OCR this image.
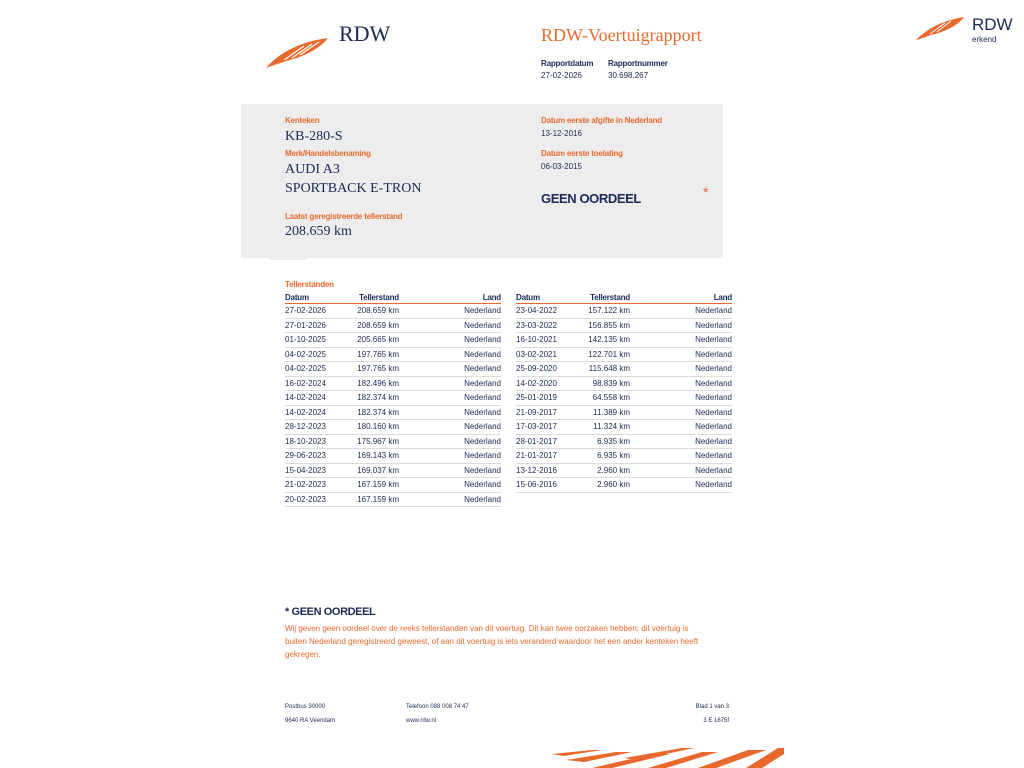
RDW	RDW-Voertuigrapport
Rapportdatum
27-02-2026
Rapportnummer
30.698.267
RDW
erkend
Kenteken
KB-280-S
Merk/Handelsbenaming
AUDI A3
SPORTBACK E-TRON
Laatst geregistreerde tellerstand
208.659 km
Datum eerste afgifte in Nederland
13-12-2016
Datum eerste toelating
06-03-2015
GEEN OORDEEL	*
Tellerstanden
Datum	Tellerstand	Land
27-02-2026	208.659 km	Nederland
27-01-2026	208.659 km	Nederland
01-10-2025	205.665 km	Nederland
04-02-2025	197.765 km	Nederland
04-02-2025	197.765 km	Nederland
16-02-2024	182.496 km	Nederland
14-02-2024	182.374 km	Nederland
14-02-2024	182.374 km	Nederland
28-12-2023	180.160 km	Nederland
18-10-2023	175.967 km	Nederland
29-06-2023	169.143 km	Nederland
15-04-2023	169.037 km	Nederland
21-02-2023	167.159 km	Nederland
20-02-2023	167.159 km	Nederland
Datum	Tellerstand	Land
23-04-2022	157.122 km	Nederland
23-03-2022	156.855 km	Nederland
16-10-2021	142.135 km	Nederland
03-02-2021	122.701 km	Nederland
25-09-2020	115.648 km	Nederland
14-02-2020	98.839 km	Nederland
25-01-2019	64.558 km	Nederland
21-09-2017	11.389 km	Nederland
17-03-2017	11.324 km	Nederland
28-01-2017	6.935 km	Nederland
21-01-2017	6.935 km	Nederland
13-12-2016	2.960 km	Nederland
15-06-2016	2.960 km	Nederland
* GEEN OORDEEL
Wij geven geen oordeel over de reeks tellerstanden van dit voertuig. Dit kan twee oorzaken hebben: dit voertuig is buiten Nederland geregistreerd geweest, of aan dit voertuig is iets veranderd waardoor het een ander kenteken heeft gekregen.
Postbus 30000
9640 RA Veendam
Telefoon 088 008 74 47
www.rdw.nl
Blad 1 van 3
3 E 1675f
